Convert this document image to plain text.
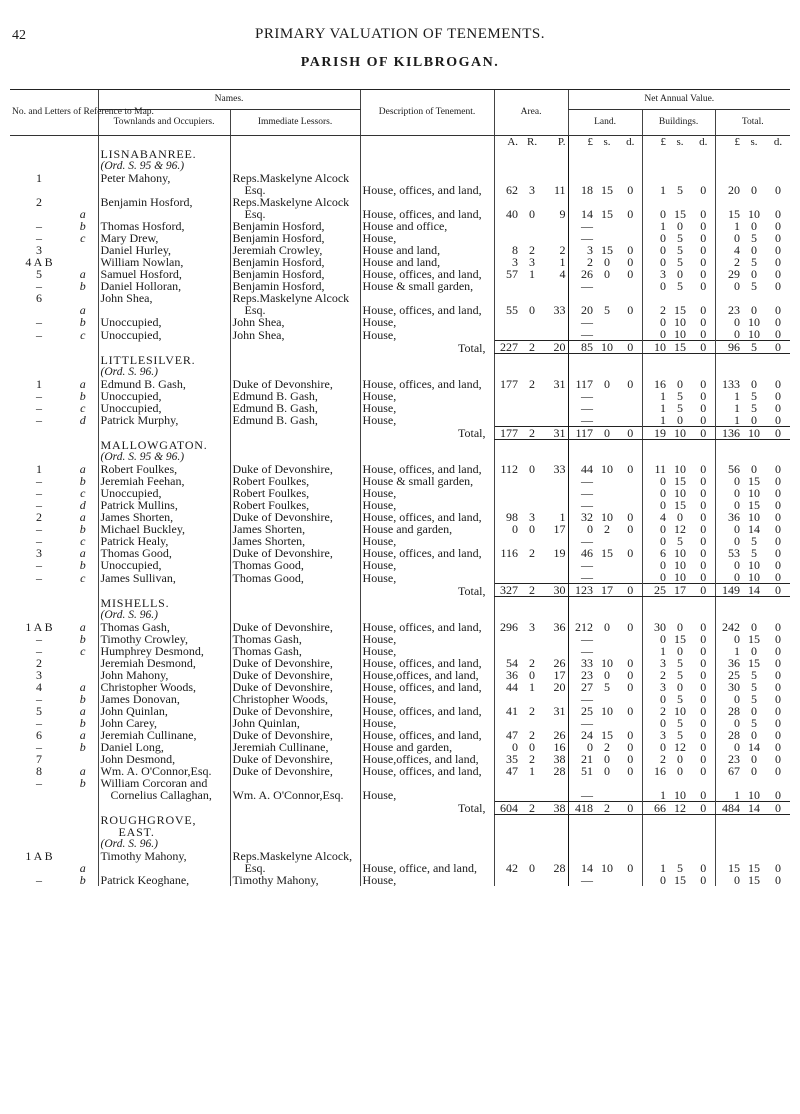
42	PRIMARY VALUATION OF TENEMENTS.
PARISH OF KILBROGAN.
No. and Letters of Reference to Map.		Names.		Description of Tenement.	Area.			Net Annual Value.								
		Townlands and Occupiers.	Immediate Lessors.					Land.			Buildings.			Total.		
					A.	R.	P.	£	s.	d.	£	s.	d.	£	s.	d.
		LISNABANREE.														
		(Ord. S. 95 & 96.)														
1		Peter Mahony,	Reps.Maskelyne Alcock													
			Esq.	House, offices, and land,	62	3	11	18	15	0	1	5	0	20	0	0
2		Benjamin Hosford,	Reps.Maskelyne Alcock													
	a		Esq.	House, offices, and land,	40	0	9	14	15	0	0	15	0	15	10	0
–	b	Thomas Hosford,	Benjamin Hosford,	House and office,				—			1	0	0	1	0	0
–	c	Mary Drew,	Benjamin Hosford,	House,				—			0	5	0	0	5	0
3		Daniel Hurley,	Jeremiah Crowley,	House and land,	8	2	2	3	15	0	0	5	0	4	0	0
4 A B		William Nowlan,	Benjamin Hosford,	House and land,	3	3	1	2	0	0	0	5	0	2	5	0
5	a	Samuel Hosford,	Benjamin Hosford,	House, offices, and land,	57	1	4	26	0	0	3	0	0	29	0	0
–	b	Daniel Holloran,	Benjamin Hosford,	House & small garden,				—			0	5	0	0	5	0
6		John Shea,	Reps.Maskelyne Alcock													
	a		Esq.	House, offices, and land,	55	0	33	20	5	0	2	15	0	23	0	0
–	b	Unoccupied,	John Shea,	House,				—			0	10	0	0	10	0
–	c	Unoccupied,	John Shea,	House,				—			0	10	0	0	10	0
				Total,	227	2	20	85	10	0	10	15	0	96	5	0
		LITTLESILVER.														
		(Ord. S. 96.)														
1	a	Edmund B. Gash,	Duke of Devonshire,	House, offices, and land,	177	2	31	117	0	0	16	0	0	133	0	0
–	b	Unoccupied,	Edmund B. Gash,	House,				—			1	5	0	1	5	0
–	c	Unoccupied,	Edmund B. Gash,	House,				—			1	5	0	1	5	0
–	d	Patrick Murphy,	Edmund B. Gash,	House,				—			1	0	0	1	0	0
				Total,	177	2	31	117	0	0	19	10	0	136	10	0
		MALLOWGATON.														
		(Ord. S. 95 & 96.)														
1	a	Robert Foulkes,	Duke of Devonshire,	House, offices, and land,	112	0	33	44	10	0	11	10	0	56	0	0
–	b	Jeremiah Feehan,	Robert Foulkes,	House & small garden,				—			0	15	0	0	15	0
–	c	Unoccupied,	Robert Foulkes,	House,				—			0	10	0	0	10	0
–	d	Patrick Mullins,	Robert Foulkes,	House,				—			0	15	0	0	15	0
2	a	James Shorten,	Duke of Devonshire,	House, offices, and land,	98	3	1	32	10	0	4	0	0	36	10	0
–	b	Michael Buckley,	James Shorten,	House and garden,	0	0	17	0	2	0	0	12	0	0	14	0
–	c	Patrick Healy,	James Shorten,	House,				—			0	5	0	0	5	0
3	a	Thomas Good,	Duke of Devonshire,	House, offices, and land,	116	2	19	46	15	0	6	10	0	53	5	0
–	b	Unoccupied,	Thomas Good,	House,				—			0	10	0	0	10	0
–	c	James Sullivan,	Thomas Good,	House,				—			0	10	0	0	10	0
				Total,	327	2	30	123	17	0	25	17	0	149	14	0
		MISHELLS.														
		(Ord. S. 96.)														
1 A B	a	Thomas Gash,	Duke of Devonshire,	House, offices, and land,	296	3	36	212	0	0	30	0	0	242	0	0
–	b	Timothy Crowley,	Thomas Gash,	House,				—			0	15	0	0	15	0
–	c	Humphrey Desmond,	Thomas Gash,	House,				—			1	0	0	1	0	0
2		Jeremiah Desmond,	Duke of Devonshire,	House, offices, and land,	54	2	26	33	10	0	3	5	0	36	15	0
3		John Mahony,	Duke of Devonshire,	House,offices, and land,	36	0	17	23	0	0	2	5	0	25	5	0
4	a	Christopher Woods,	Duke of Devonshire,	House, offices, and land,	44	1	20	27	5	0	3	0	0	30	5	0
–	b	James Donovan,	Christopher Woods,	House,				—			0	5	0	0	5	0
5	a	John Quinlan,	Duke of Devonshire,	House, offices, and land,	41	2	31	25	10	0	2	10	0	28	0	0
–	b	John Carey,	John Quinlan,	House,				—			0	5	0	0	5	0
6	a	Jeremiah Cullinane,	Duke of Devonshire,	House, offices, and land,	47	2	26	24	15	0	3	5	0	28	0	0
–	b	Daniel Long,	Jeremiah Cullinane,	House and garden,	0	0	16	0	2	0	0	12	0	0	14	0
7		John Desmond,	Duke of Devonshire,	House,offices, and land,	35	2	38	21	0	0	2	0	0	23	0	0
8	a	Wm. A. O'Connor,Esq.	Duke of Devonshire,	House, offices, and land,	47	1	28	51	0	0	16	0	0	67	0	0
–	b	William Corcoran and														
		Cornelius Callaghan,	Wm. A. O'Connor,Esq.	House,				—			1	10	0	1	10	0
				Total,	604	2	38	418	2	0	66	12	0	484	14	0
		ROUGHGROVE,														
		EAST.														
		(Ord. S. 96.)														
1 A B		Timothy Mahony,	Reps.Maskelyne Alcock,													
	a		Esq.	House, office, and land,	42	0	28	14	10	0	1	5	0	15	15	0
–	b	Patrick Keoghane,	Timothy Mahony,	House,				—			0	15	0	0	15	0
